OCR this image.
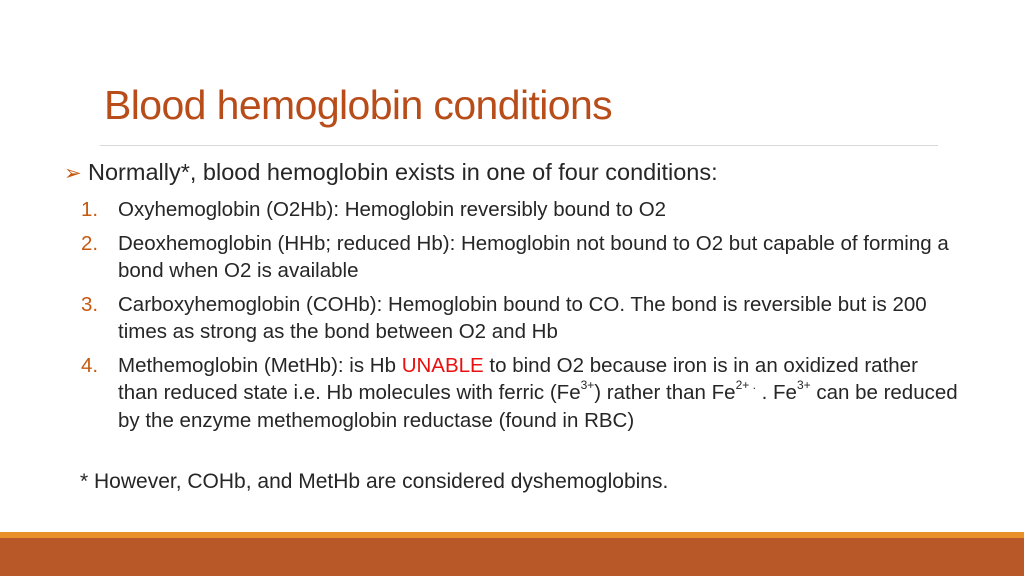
Blood hemoglobin conditions
➢ Normally*, blood hemoglobin exists in one of four conditions:
1. Oxyhemoglobin (O2Hb): Hemoglobin reversibly bound to O2
2. Deoxhemoglobin (HHb; reduced Hb): Hemoglobin not bound to O2 but capable of forming a bond when O2 is available
3. Carboxyhemoglobin (COHb): Hemoglobin bound to CO. The bond is reversible but is 200 times as strong as the bond between O2 and Hb
4. Methemoglobin (MetHb): is Hb UNABLE to bind O2 because iron is in an oxidized rather than reduced state i.e. Hb molecules with ferric $(Fe^{3+})$ rather than $Fe^{2+ .}$ . $Fe^{3+}$ can be reduced by the enzyme methemoglobin reductase (found in RBC)
* However, COHb, and MetHb are considered dyshemoglobins.
